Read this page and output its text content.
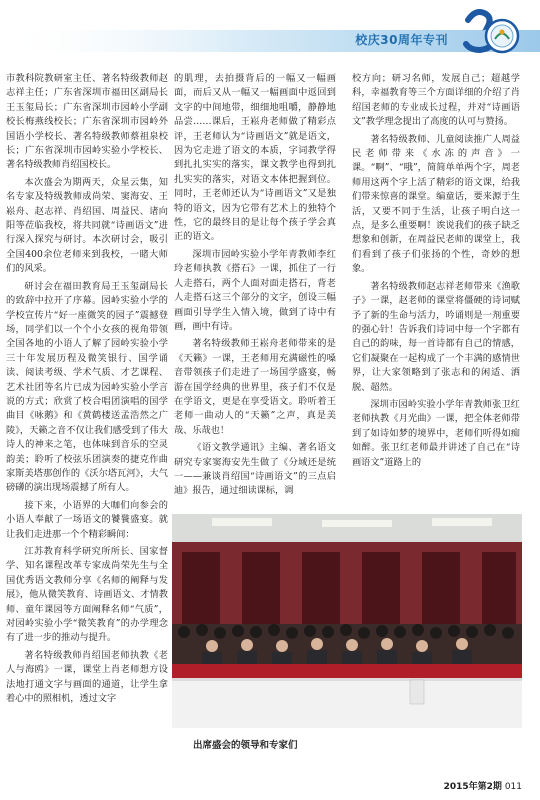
校庆30周年专刊

市教科院教研室主任、著名特级教师赵志祥主任；广东省深圳市福田区副局长王玉玺局长；广东省深圳市园岭小学副校长梅燕线校长；广东省深圳市园岭外国语小学校长、著名特级教师蔡祖泉校长；广东省深圳市园岭实验小学校长、著名特级教师肖绍国校长。

本次盛会为期两天，众星云集，知名专家及特级教师成尚荣、窦海安、王崧舟、赵志祥、肖绍国、周益民、诸向阳等莅临我校，将共同就“诗画语文”进行深入探究与研讨。本次研讨会，吸引全国400余位老师来到我校，一睹大师们的风采。

研讨会在福田教育局王玉玺副局长的致辞中拉开了序幕。园岭实验小学的学校宣传片“好一座微笑的园子”震撼登场，同学们以一个个小女孩的视角带领全国各地的小语人了解了园岭实验小学三十年发展历程及微笑银行、国学诵读、阅读考级、学术气质、才艺课程、艺术社团等名片已成为园岭实验小学言说的方式；欣赏了校合唱团演唱的国学曲目《咏鹅》和《黄鹤楼送孟浩然之广陵》，天籁之音不仅让我们感受到了伟大诗人的神来之笔，也体味到音乐的空灵韵美；聆听了校弦乐团演奏的捷克作曲家斯美塔那创作的《沃尔塔瓦河》，大气磅礴的演出现场震撼了所有人。

接下来，小语界的大咖们向参会的小语人奉献了一场语文的饕餮盛宴。就让我们走进那一个个精彩瞬间：

江苏教育科学研究所所长、国家督学、知名课程改革专家成尚荣先生与全国优秀语文教师分享《名师的阐释与发展》，他从微笑教育、诗画语文、才情教师、童年课园等方面阐释名师“气质”，对园岭实验小学“微笑教育”的办学理念有了进一步的推动与提升。

著名特级教师肖绍国老师执教《老人与海鸥》一课，课堂上肖老师想方设法地打通文字与画面的通道，让学生拿着心中的照相机，透过文字

的肌理，去拍摄背后的一幅又一幅画面，而后又从一幅又一幅画面中返回到文字的中间地带，细细地咀嚼，静静地品尝……课后，王崧舟老师做了精彩点评，王老师认为“诗画语文”就是语文，因为它走进了语文的本质，字词教学得到扎扎实实的落实，课文教学也得到扎扎实实的落实，对语文本体把握到位。同时，王老师还认为“诗画语文”又是独特的语文，因为它带有艺术上的独特个性，它的最终目的是让每个孩子学会真正的语文。

深圳市园岭实验小学年青教师李红玲老师执教《搭石》一课，抓住了一行人走搭石，两个人面对面走搭石，背老人走搭石这三个部分的文字，创设三幅画面引导学生入情入境，做到了诗中有画，画中有诗。

著名特级教师王崧舟老师带来的是《天籁》一课，王老师用充满磁性的嗓音带领孩子们走进了一场国学盛宴，畅游在国学经典的世界里，孩子们不仅是在学语文，更是在享受语文。聆听着王老师一曲动人的“天籁”之声，真是美哉、乐哉也！

《语文教学通讯》主编、著名语文研究专家窦海安先生做了《分域还是统一——兼谈肖绍国“诗画语文”的三点启迪》报告，通过细读课标，调

校方向；研习名师，发展自己；超越学科，幸福教育等三个方面详细的介绍了肖绍国老师的专业成长过程，并对“诗画语文”教学理念提出了高度的认可与赞扬。

著名特级教师、儿童阅读推广人周益民老师带来《水冻的声音》一课。“啊”、“哦”，简简单单两个字，周老师用这两个字上活了精彩的语文课，给我们带来惊喜的课堂。编童话，要来源于生活，又要不同于生活，让孩子明白这一点，是多么重要啊！诶说我们的孩子缺乏想象和创新，在周益民老师的课堂上，我们看到了孩子们张扬的个性，奇妙的想象。

著名特级教师赵志祥老师带来《渔歌子》一课，赵老师的课堂将僵硬的诗词赋予了新的生命与活力，吟诵则是一剂重要的强心针！告诉我们诗词中每一个字都有自己的韵味，每一首诗都有自己的情感，它们凝聚在一起构成了一个丰满的感情世界，让大家领略到了张志和的闲适、洒脱、超然。

深圳市园岭实验小学年青教师张卫红老师执教《月光曲》一课，把全体老师带到了如诗如梦的境界中，老师们听得如痴如醉。张卫红老师最并讲述了自己在“诗画语文”道路上的

出席盛会的领导和专家们
2015年第2期 011
